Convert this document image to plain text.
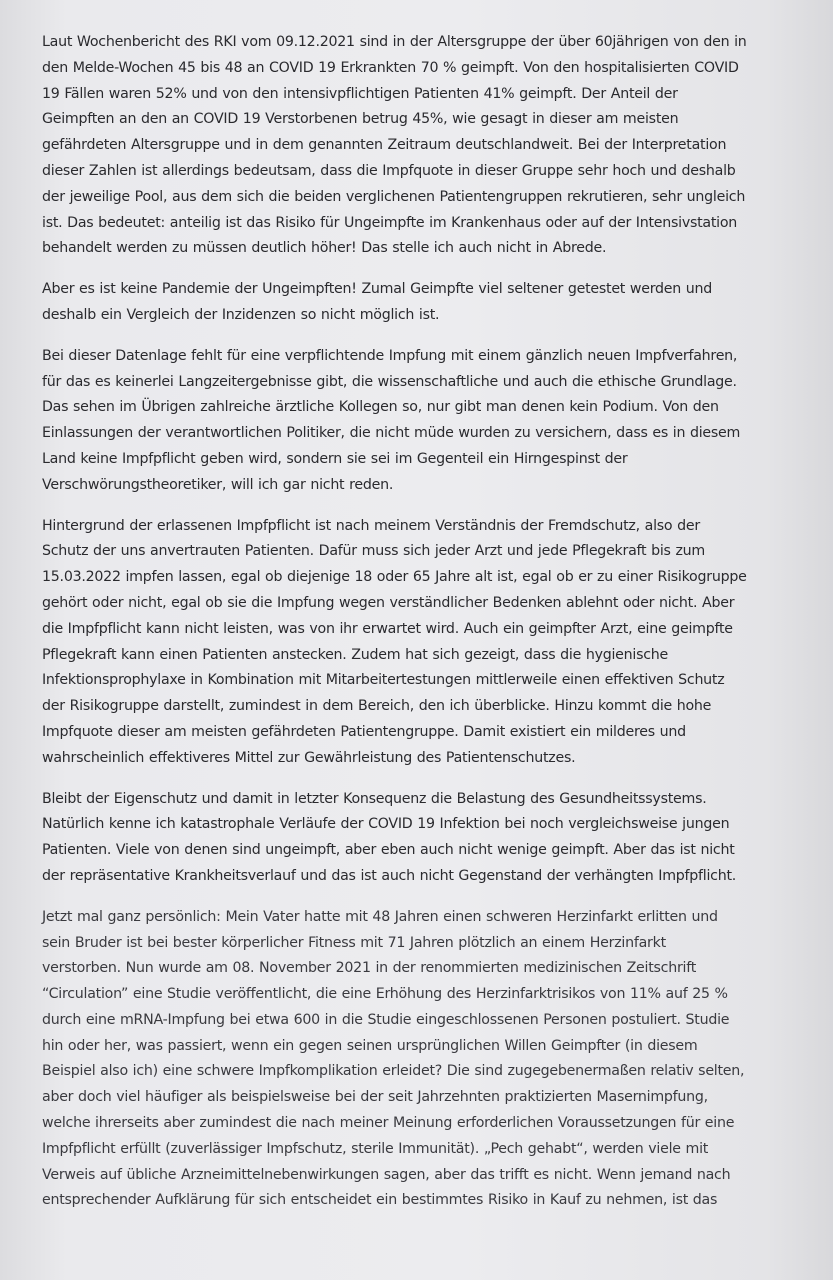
Laut Wochenbericht des RKI vom 09.12.2021 sind in der Altersgruppe der über 60jährigen von den in
den Melde-Wochen 45 bis 48 an COVID 19 Erkrankten 70 % geimpft. Von den hospitalisierten COVID
19 Fällen waren 52% und von den intensivpflichtigen Patienten 41% geimpft. Der Anteil der
Geimpften an den an COVID 19 Verstorbenen betrug 45%, wie gesagt in dieser am meisten
gefährdeten Altersgruppe und in dem genannten Zeitraum deutschlandweit. Bei der Interpretation
dieser Zahlen ist allerdings bedeutsam, dass die Impfquote in dieser Gruppe sehr hoch und deshalb
der jeweilige Pool, aus dem sich die beiden verglichenen Patientengruppen rekrutieren, sehr ungleich
ist. Das bedeutet: anteilig ist das Risiko für Ungeimpfte im Krankenhaus oder auf der Intensivstation
behandelt werden zu müssen deutlich höher! Das stelle ich auch nicht in Abrede.

Aber es ist keine Pandemie der Ungeimpften! Zumal Geimpfte viel seltener getestet werden und
deshalb ein Vergleich der Inzidenzen so nicht möglich ist.

Bei dieser Datenlage fehlt für eine verpflichtende Impfung mit einem gänzlich neuen Impfverfahren,
für das es keinerlei Langzeitergebnisse gibt, die wissenschaftliche und auch die ethische Grundlage.
Das sehen im Übrigen zahlreiche ärztliche Kollegen so, nur gibt man denen kein Podium. Von den
Einlassungen der verantwortlichen Politiker, die nicht müde wurden zu versichern, dass es in diesem
Land keine Impfpflicht geben wird, sondern sie sei im Gegenteil ein Hirngespinst der
Verschwörungstheoretiker, will ich gar nicht reden.

Hintergrund der erlassenen Impfpflicht ist nach meinem Verständnis der Fremdschutz, also der
Schutz der uns anvertrauten Patienten. Dafür muss sich jeder Arzt und jede Pflegekraft bis zum
15.03.2022 impfen lassen, egal ob diejenige 18 oder 65 Jahre alt ist, egal ob er zu einer Risikogruppe
gehört oder nicht, egal ob sie die Impfung wegen verständlicher Bedenken ablehnt oder nicht. Aber
die Impfpflicht kann nicht leisten, was von ihr erwartet wird. Auch ein geimpfter Arzt, eine geimpfte
Pflegekraft kann einen Patienten anstecken. Zudem hat sich gezeigt, dass die hygienische
Infektionsprophylaxe in Kombination mit Mitarbeitertestungen mittlerweile einen effektiven Schutz
der Risikogruppe darstellt, zumindest in dem Bereich, den ich überblicke. Hinzu kommt die hohe
Impfquote dieser am meisten gefährdeten Patientengruppe. Damit existiert ein milderes und
wahrscheinlich effektiveres Mittel zur Gewährleistung des Patientenschutzes.

Bleibt der Eigenschutz und damit in letzter Konsequenz die Belastung des Gesundheitssystems.
Natürlich kenne ich katastrophale Verläufe der COVID 19 Infektion bei noch vergleichsweise jungen
Patienten. Viele von denen sind ungeimpft, aber eben auch nicht wenige geimpft. Aber das ist nicht
der repräsentative Krankheitsverlauf und das ist auch nicht Gegenstand der verhängten Impfpflicht.

Jetzt mal ganz persönlich: Mein Vater hatte mit 48 Jahren einen schweren Herzinfarkt erlitten und
sein Bruder ist bei bester körperlicher Fitness mit 71 Jahren plötzlich an einem Herzinfarkt
verstorben. Nun wurde am 08. November 2021 in der renommierten medizinischen Zeitschrift
“Circulation” eine Studie veröffentlicht, die eine Erhöhung des Herzinfarktrisikos von 11% auf 25 %
durch eine mRNA-Impfung bei etwa 600 in die Studie eingeschlossenen Personen postuliert. Studie
hin oder her, was passiert, wenn ein gegen seinen ursprünglichen Willen Geimpfter (in diesem
Beispiel also ich) eine schwere Impfkomplikation erleidet? Die sind zugegebenermaßen relativ selten,
aber doch viel häufiger als beispielsweise bei der seit Jahrzehnten praktizierten Masernimpfung,
welche ihrerseits aber zumindest die nach meiner Meinung erforderlichen Voraussetzungen für eine
Impfpflicht erfüllt (zuverlässiger Impfschutz, sterile Immunität). „Pech gehabt“, werden viele mit
Verweis auf übliche Arzneimittelnebenwirkungen sagen, aber das trifft es nicht. Wenn jemand nach
entsprechender Aufklärung für sich entscheidet ein bestimmtes Risiko in Kauf zu nehmen, ist das
